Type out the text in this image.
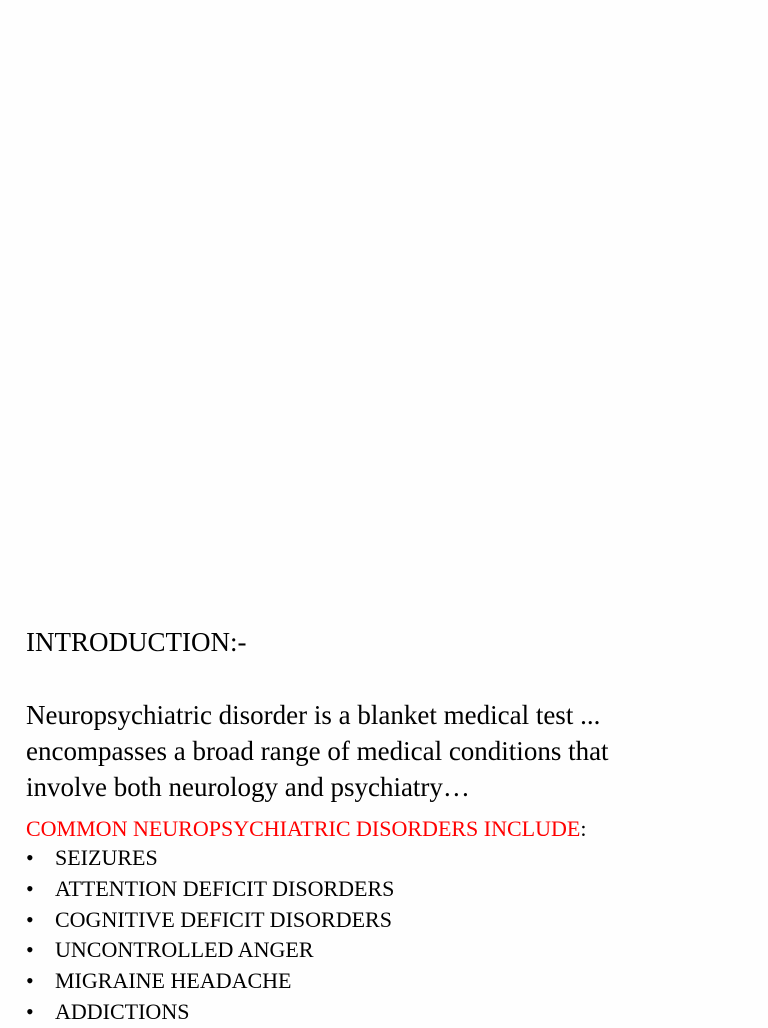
INTRODUCTION:-

Neuropsychiatric disorder is a blanket medical test ...
encompasses a broad range of medical conditions that
involve both neurology and psychiatry…

COMMON NEUROPSYCHIATRIC DISORDERS INCLUDE:

• SEIZURES
• ATTENTION DEFICIT DISORDERS
• COGNITIVE DEFICIT DISORDERS
• UNCONTROLLED ANGER
• MIGRAINE HEADACHE
• ADDICTIONS
